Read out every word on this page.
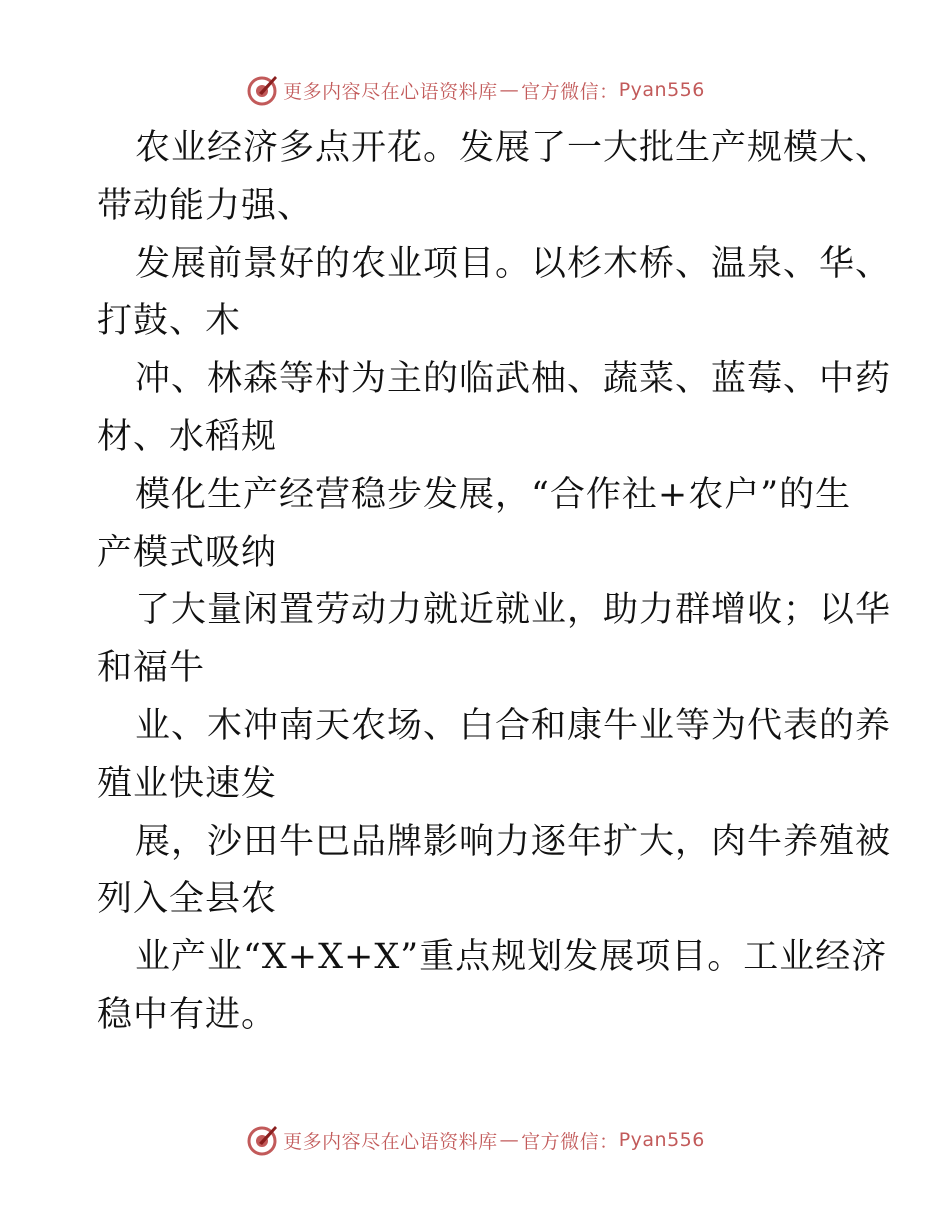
更多内容尽在心语资料库 — 官方微信： Pyan556
农业经济多点开花。发展了一大批生产规模大、
带动能力强、
发展前景好的农业项目。以杉木桥、温泉、华、
打鼓、木
冲、林森等村为主的临武柚、蔬菜、蓝莓、中药
材、水稻规
模化生产经营稳步发展，“合作社+农户”的生
产模式吸纳
了大量闲置劳动力就近就业，助力群增收；以华
和福牛
业、木冲南天农场、白合和康牛业等为代表的养
殖业快速发
展，沙田牛巴品牌影响力逐年扩大，肉牛养殖被
列入全县农
业产业“X+X+X”重点规划发展项目。工业经济
稳中有进。
更多内容尽在心语资料库 — 官方微信： Pyan556
